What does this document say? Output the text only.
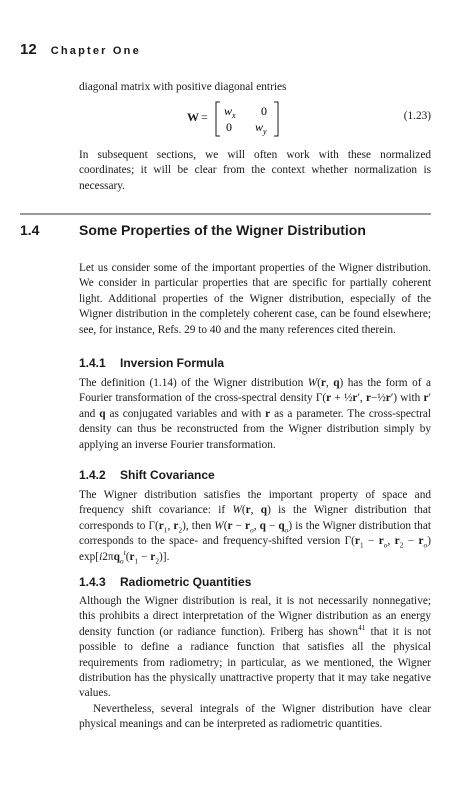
12 Chapter One

diagonal matrix with positive diagonal entries

$W = w_x$ 0
0 $w_y$
(1.23)

In subsequent sections, we will often work with these normalized coordinates; it will be clear from the context whether normalization is necessary.

1.4	Some Properties of the Wigner Distribution

Let us consider some of the important properties of the Wigner distribution. We consider in particular properties that are specific for partially coherent light. Additional properties of the Wigner distribution, especially of the Wigner distribution in the completely coherent case, can be found elsewhere; see, for instance, Refs. 29 to 40 and the many references cited therein.

1.4.1 Inversion Formula

The definition (1.14) of the Wigner distribution W(r, q) has the form of a Fourier transformation of the cross-spectral density Γ(r + ½r′, r−½r′) with r′ and q as conjugated variables and with r as a parameter. The cross-spectral density can thus be reconstructed from the Wigner distribution simply by applying an inverse Fourier transformation.

1.4.2 Shift Covariance

The Wigner distribution satisfies the important property of space and frequency shift covariance: if W(r, q) is the Wigner distribution that corresponds to $\Gamma(r_1$, $r_2$), then $W(r - r_o$, $q - q_o$) is the Wigner distribution that corresponds to the space- and frequency-shifted version $\Gamma(r_1 - r_o$, $r_2 - r_o$) $\exp[i2\pi q_o^t(r_1 - r_2)]$.

1.4.3 Radiometric Quantities

Although the Wigner distribution is real, it is not necessarily nonnegative; this prohibits a direct interpretation of the Wigner distribution as an energy density function (or radiance function). Friberg has shown$^{41}$ that it is not possible to define a radiance function that satisfies all the physical requirements from radiometry; in particular, as we mentioned, the Wigner distribution has the physically unattractive property that it may take negative values.

Nevertheless, several integrals of the Wigner distribution have clear physical meanings and can be interpreted as radiometric quantities.
